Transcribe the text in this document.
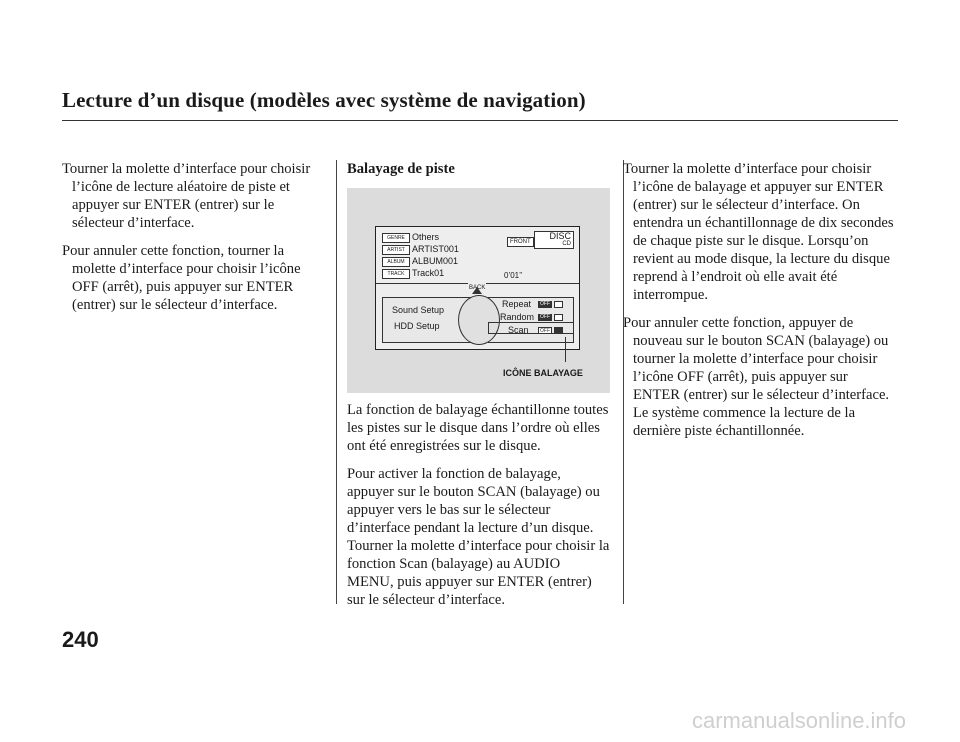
Lecture d’un disque (modèles avec système de navigation)

Tourner la molette d’interface pour choisir l’icône de lecture aléatoire de piste et appuyer sur ENTER (entrer) sur le sélecteur d’interface.

Pour annuler cette fonction, tourner la molette d’interface pour choisir l’icône OFF (arrêt), puis appuyer sur ENTER (entrer) sur le sélecteur d’interface.

Balayage de piste

GENRE Others
ARTIST ARTIST001
ALBUM ALBUM001
TRACK Track01
FRONT
DISC
CD
0’01’’
BACK
Sound Setup
HDD Setup
Repeat
Random
Scan
OFF
OFF
OFF
ICÔNE BALAYAGE

La fonction de balayage échantillonne toutes les pistes sur le disque dans l’ordre où elles ont été enregistrées sur le disque.

Pour activer la fonction de balayage, appuyer sur le bouton SCAN (balayage) ou appuyer vers le bas sur le sélecteur d’interface pendant la lecture d’un disque. Tourner la molette d’interface pour choisir la fonction Scan (balayage) au AUDIO MENU, puis appuyer sur ENTER (entrer) sur le sélecteur d’interface.

Tourner la molette d’interface pour choisir l’icône de balayage et appuyer sur ENTER (entrer) sur le sélecteur d’interface. On entendra un échantillonnage de dix secondes de chaque piste sur le disque. Lorsqu’on revient au mode disque, la lecture du disque reprend à l’endroit où elle avait été interrompue.

Pour annuler cette fonction, appuyer de nouveau sur le bouton SCAN (balayage) ou tourner la molette d’interface pour choisir l’icône OFF (arrêt), puis appuyer sur ENTER (entrer) sur le sélecteur d’interface. Le système commence la lecture de la dernière piste échantillonnée.

240
carmanualsonline.info
